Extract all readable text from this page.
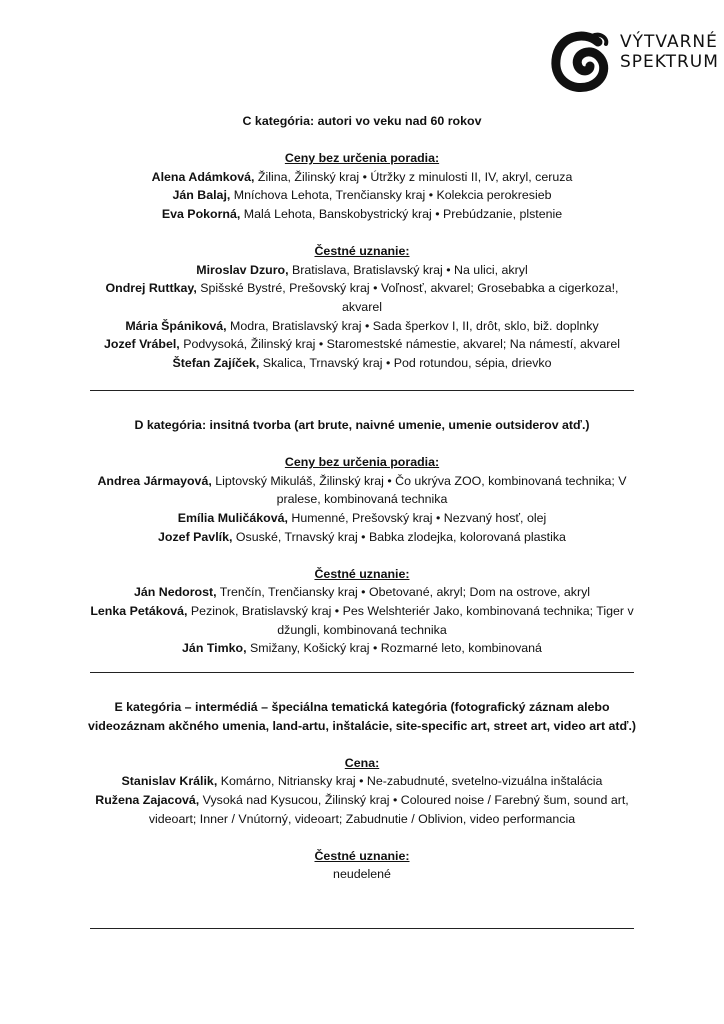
VÝTVARNÉ
SPEKTRUM
C kategória: autori vo veku nad 60 rokov
Ceny bez určenia poradia:
Alena Adámková, Žilina, Žilinský kraj • Útržky z minulosti II, IV, akryl, ceruza
Ján Balaj, Mníchova Lehota, Trenčiansky kraj • Kolekcia perokresieb
Eva Pokorná, Malá Lehota, Banskobystrický kraj • Prebúdzanie, plstenie
Čestné uznanie:
Miroslav Dzuro, Bratislava, Bratislavský kraj • Na ulici, akryl
Ondrej Ruttkay, Spišské Bystré, Prešovský kraj • Voľnosť, akvarel; Grosebabka a cigerkoza!, akvarel
Mária Špániková, Modra, Bratislavský kraj • Sada šperkov I, II, drôt, sklo, biž. doplnky
Jozef Vrábel, Podvysoká, Žilinský kraj • Staromestské námestie, akvarel; Na námestí, akvarel
Štefan Zajíček, Skalica, Trnavský kraj • Pod rotundou, sépia, drievko
D kategória: insitná tvorba (art brute, naivné umenie, umenie outsiderov atď.)
Ceny bez určenia poradia:
Andrea Jármayová, Liptovský Mikuláš, Žilinský kraj • Čo ukrýva ZOO, kombinovaná technika; V pralese, kombinovaná technika
Emília Muličáková, Humenné, Prešovský kraj • Nezvaný hosť, olej
Jozef Pavlík, Osuské, Trnavský kraj • Babka zlodejka, kolorovaná plastika
Čestné uznanie:
Ján Nedorost, Trenčín, Trenčiansky kraj • Obetované, akryl; Dom na ostrove, akryl
Lenka Petáková, Pezinok, Bratislavský kraj • Pes Welshteriér Jako, kombinovaná technika; Tiger v džungli, kombinovaná technika
Ján Timko, Smižany, Košický kraj • Rozmarné leto, kombinovaná
E kategória – intermédiá – špeciálna tematická kategória (fotografický záznam alebo videozáznam akčného umenia, land-artu, inštalácie, site-specific art, street art, video art atď.)
Cena:
Stanislav Králik, Komárno, Nitriansky kraj • Ne-zabudnuté, svetelno-vizuálna inštalácia
Ružena Zajacová, Vysoká nad Kysucou, Žilinský kraj • Coloured noise / Farebný šum, sound art, videoart; Inner / Vnútorný, videoart; Zabudnutie / Oblivion, video performancia
Čestné uznanie:
neudelené
